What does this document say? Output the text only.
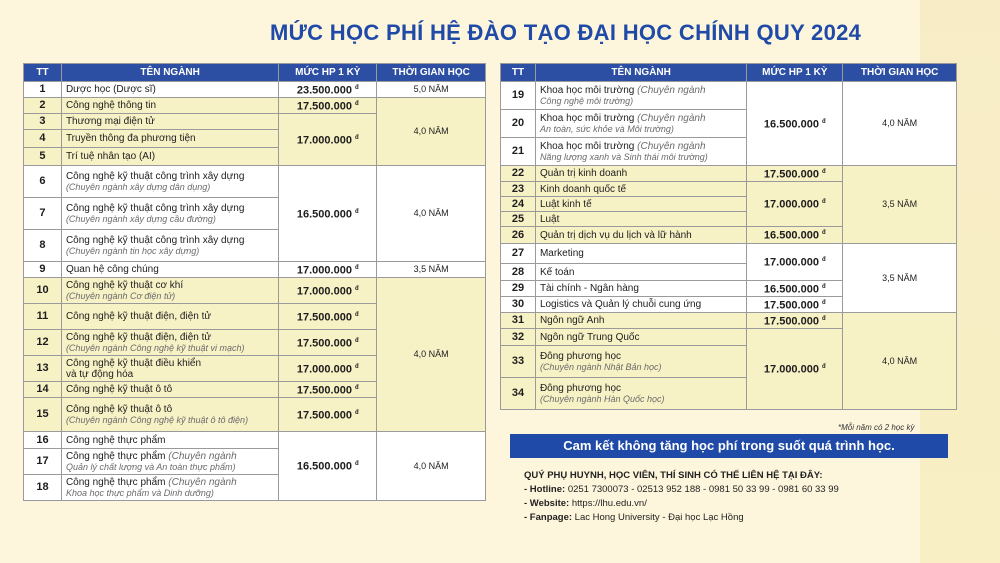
MỨC HỌC PHÍ HỆ ĐÀO TẠO ĐẠI HỌC CHÍNH QUY 2024
TT	TÊN NGÀNH	MỨC HP 1 KỲ	THỜI GIAN HỌC
1	Dược học (Dược sĩ)	23.500.000 $^đ$	5,0 NĂM
2	Công nghệ thông tin	17.500.000 $^đ$	4,0 NĂM
3	Thương mại điện tử	17.000.000 $^đ$
4	Truyền thông đa phương tiện		
5	Trí tuệ nhân tạo (AI)		
6	Công nghệ kỹ thuật công trình xây dựng
(Chuyên ngành xây dựng dân dụng)	16.500.000 $^đ$	4,0 NĂM
7	Công nghệ kỹ thuật công trình xây dựng
(Chuyên ngành xây dựng cầu đường)		

8	Công nghệ kỹ thuật công trình xây dựng
(Chuyên ngành tin học xây dựng)		

9	Quan hệ công chúng	17.000.000 $^đ$	3,5 NĂM
10	Công nghệ kỹ thuật cơ khí
(Chuyên ngành Cơ điện tử)	17.000.000 $^đ$	4,0 NĂM
11	Công nghệ kỹ thuật điện, điện tử	17.500.000 $^đ$
12	Công nghệ kỹ thuật điện, điện tử
(Chuyên ngành Công nghệ kỹ thuật vi mạch)	17.500.000 $^đ$
13	Công nghệ kỹ thuật điều khiển
và tự động hóa	17.000.000 $^đ$
14	Công nghệ kỹ thuật ô tô	17.500.000 $^đ$
15	Công nghệ kỹ thuật ô tô
(Chuyên ngành Công nghệ kỹ thuật ô tô điện)	17.500.000 $^đ$
16	Công nghệ thực phẩm	16.500.000 $^đ$	4,0 NĂM
17	Công nghệ thực phẩm (Chuyên ngành
Quản lý chất lượng và An toàn thực phẩm)		

18	Công nghệ thực phẩm (Chuyên ngành
Khoa học thực phẩm và Dinh dưỡng)		
TT	TÊN NGÀNH	MỨC HP 1 KỲ	THỜI GIAN HỌC
19	Khoa học môi trường (Chuyên ngành
Công nghệ môi trường)	16.500.000 $^đ$	4,0 NĂM
20	Khoa học môi trường (Chuyên ngành
An toàn, sức khỏe và Môi trường)		

21	Khoa học môi trường (Chuyên ngành
Năng lượng xanh và Sinh thái môi trường)		

22	Quản trị kinh doanh	17.500.000 $^đ$	3,5 NĂM
23	Kinh doanh quốc tế	17.000.000 $^đ$
24	Luật kinh tế		
25	Luật		
26	Quản trị dịch vụ du lịch và lữ hành	16.500.000 $^đ$
27	Marketing	17.000.000 $^đ$	3,5 NĂM
28	Kế toán		
29	Tài chính - Ngân hàng	16.500.000 $^đ$
30	Logistics và Quản lý chuỗi cung ứng	17.500.000 $^đ$
31	Ngôn ngữ Anh	17.500.000 $^đ$	4,0 NĂM
32	Ngôn ngữ Trung Quốc	17.000.000 $^đ$
33	Đông phương học
(Chuyên ngành Nhật Bản học)		

34	Đông phương học
(Chuyên ngành Hàn Quốc học)		
*Mỗi năm có 2 học kỳ
Cam kết không tăng học phí trong suốt quá trình học.
QUÝ PHỤ HUYNH, HỌC VIÊN, THÍ SINH CÓ THỂ LIÊN HỆ TẠI ĐÂY:
- Hotline: 0251 7300073 - 02513 952 188 - 0981 50 33 99 - 0981 60 33 99
- Website: https://lhu.edu.vn/
- Fanpage: Lac Hong University - Đại học Lạc Hồng
